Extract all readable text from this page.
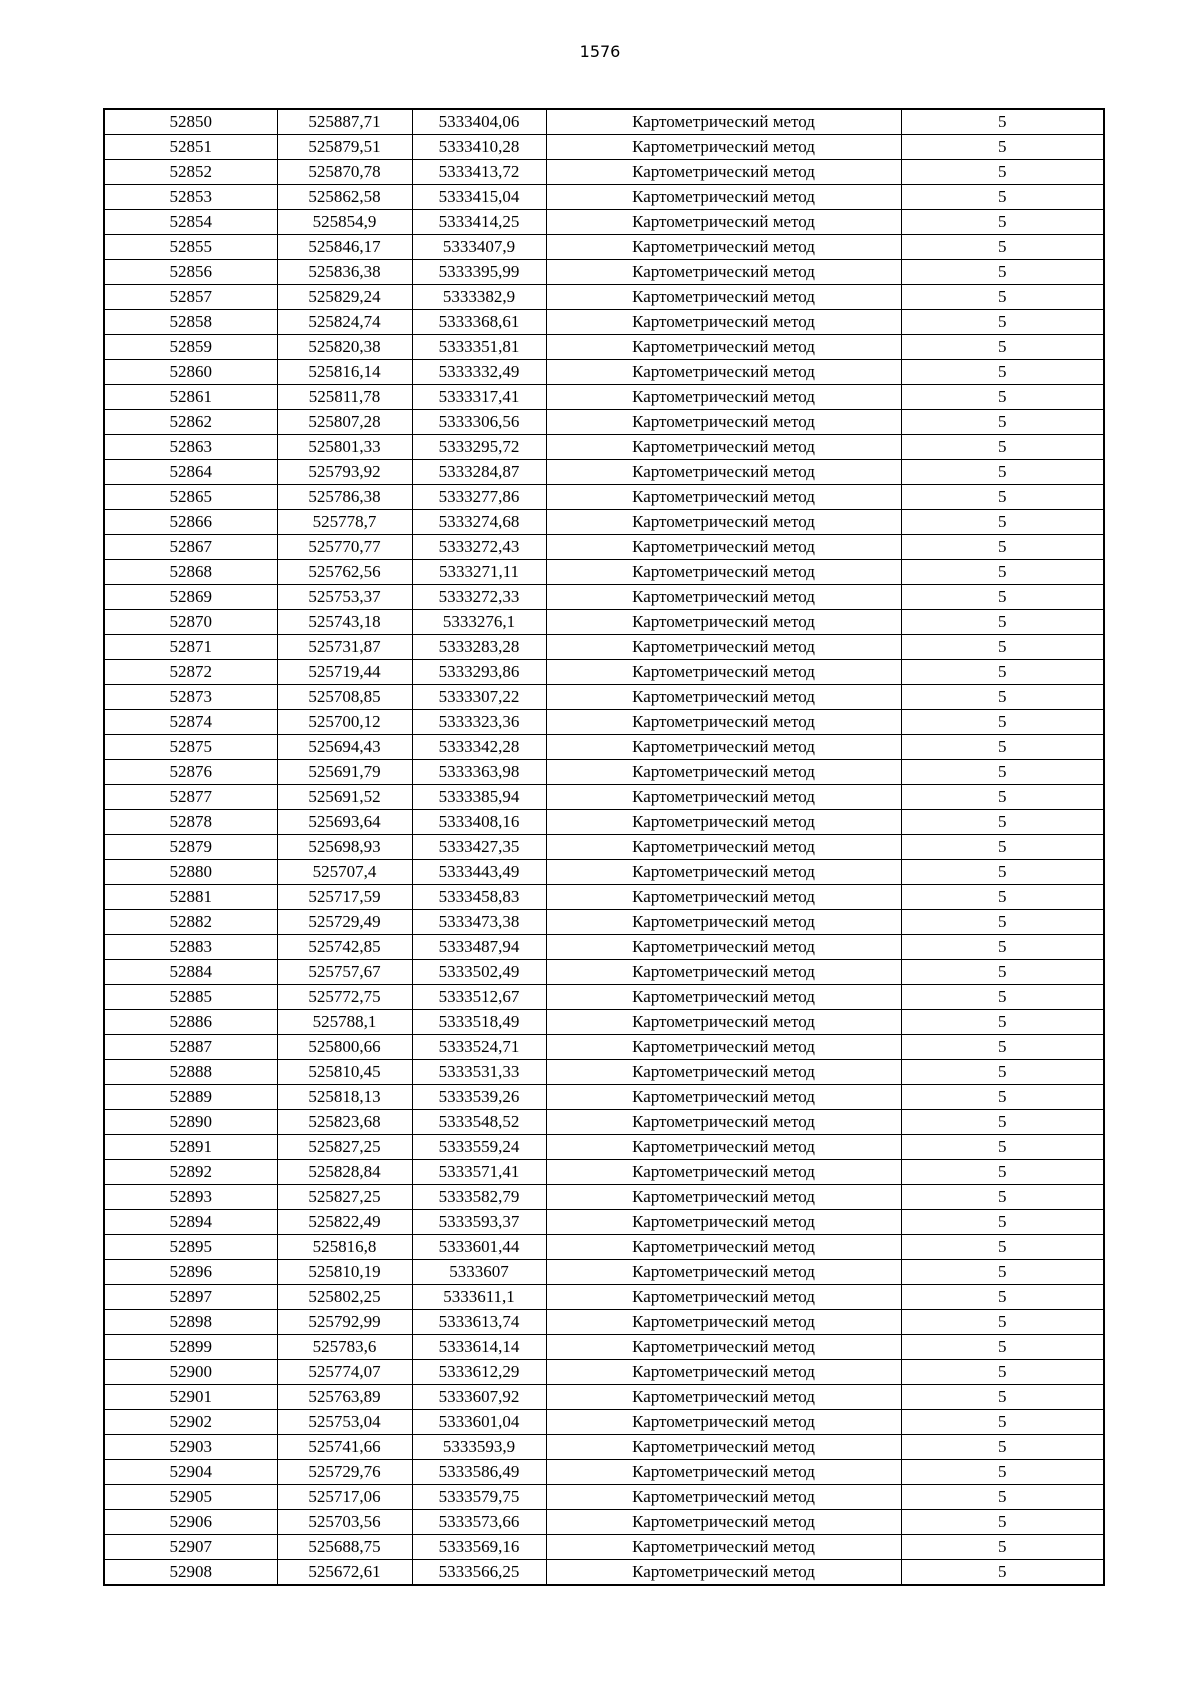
1576
52850	525887,71	5333404,06	Картометрический метод	5
52851	525879,51	5333410,28	Картометрический метод	5
52852	525870,78	5333413,72	Картометрический метод	5
52853	525862,58	5333415,04	Картометрический метод	5
52854	525854,9	5333414,25	Картометрический метод	5
52855	525846,17	5333407,9	Картометрический метод	5
52856	525836,38	5333395,99	Картометрический метод	5
52857	525829,24	5333382,9	Картометрический метод	5
52858	525824,74	5333368,61	Картометрический метод	5
52859	525820,38	5333351,81	Картометрический метод	5
52860	525816,14	5333332,49	Картометрический метод	5
52861	525811,78	5333317,41	Картометрический метод	5
52862	525807,28	5333306,56	Картометрический метод	5
52863	525801,33	5333295,72	Картометрический метод	5
52864	525793,92	5333284,87	Картометрический метод	5
52865	525786,38	5333277,86	Картометрический метод	5
52866	525778,7	5333274,68	Картометрический метод	5
52867	525770,77	5333272,43	Картометрический метод	5
52868	525762,56	5333271,11	Картометрический метод	5
52869	525753,37	5333272,33	Картометрический метод	5
52870	525743,18	5333276,1	Картометрический метод	5
52871	525731,87	5333283,28	Картометрический метод	5
52872	525719,44	5333293,86	Картометрический метод	5
52873	525708,85	5333307,22	Картометрический метод	5
52874	525700,12	5333323,36	Картометрический метод	5
52875	525694,43	5333342,28	Картометрический метод	5
52876	525691,79	5333363,98	Картометрический метод	5
52877	525691,52	5333385,94	Картометрический метод	5
52878	525693,64	5333408,16	Картометрический метод	5
52879	525698,93	5333427,35	Картометрический метод	5
52880	525707,4	5333443,49	Картометрический метод	5
52881	525717,59	5333458,83	Картометрический метод	5
52882	525729,49	5333473,38	Картометрический метод	5
52883	525742,85	5333487,94	Картометрический метод	5
52884	525757,67	5333502,49	Картометрический метод	5
52885	525772,75	5333512,67	Картометрический метод	5
52886	525788,1	5333518,49	Картометрический метод	5
52887	525800,66	5333524,71	Картометрический метод	5
52888	525810,45	5333531,33	Картометрический метод	5
52889	525818,13	5333539,26	Картометрический метод	5
52890	525823,68	5333548,52	Картометрический метод	5
52891	525827,25	5333559,24	Картометрический метод	5
52892	525828,84	5333571,41	Картометрический метод	5
52893	525827,25	5333582,79	Картометрический метод	5
52894	525822,49	5333593,37	Картометрический метод	5
52895	525816,8	5333601,44	Картометрический метод	5
52896	525810,19	5333607	Картометрический метод	5
52897	525802,25	5333611,1	Картометрический метод	5
52898	525792,99	5333613,74	Картометрический метод	5
52899	525783,6	5333614,14	Картометрический метод	5
52900	525774,07	5333612,29	Картометрический метод	5
52901	525763,89	5333607,92	Картометрический метод	5
52902	525753,04	5333601,04	Картометрический метод	5
52903	525741,66	5333593,9	Картометрический метод	5
52904	525729,76	5333586,49	Картометрический метод	5
52905	525717,06	5333579,75	Картометрический метод	5
52906	525703,56	5333573,66	Картометрический метод	5
52907	525688,75	5333569,16	Картометрический метод	5
52908	525672,61	5333566,25	Картометрический метод	5
